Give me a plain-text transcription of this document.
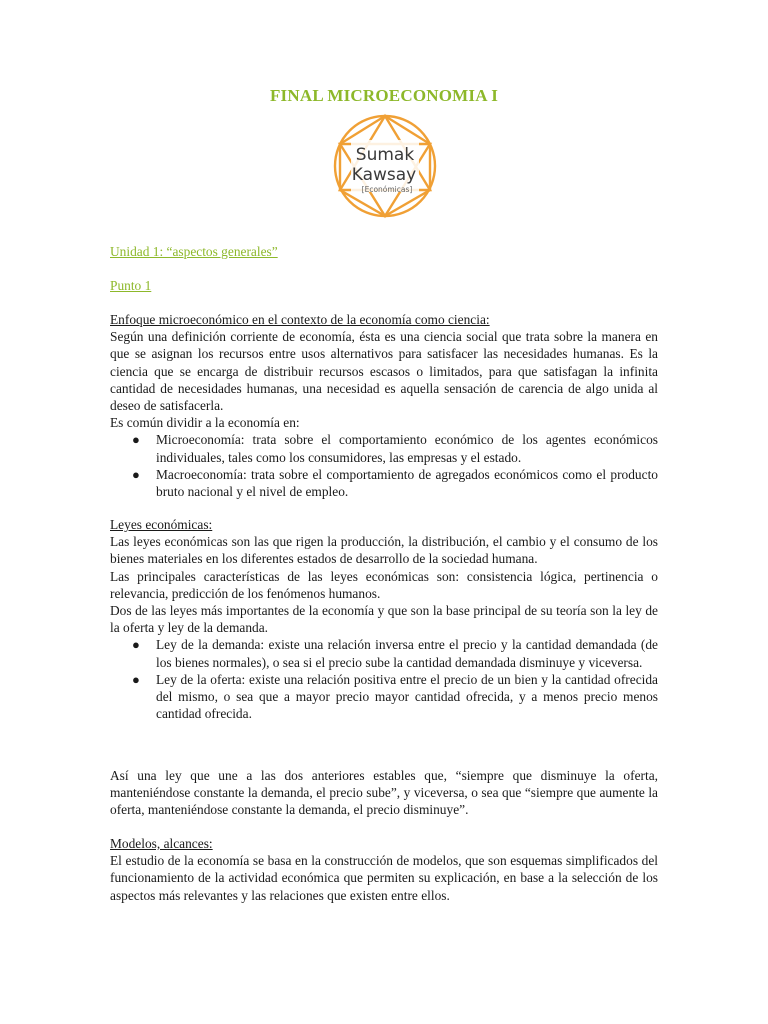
FINAL MICROECONOMIA I
Sumak
Kawsay
[Económicas]

Unidad 1: “aspectos generales”

Punto 1

Enfoque microeconómico en el contexto de la economía como ciencia:

Según una definición corriente de economía, ésta es una ciencia social que trata sobre la manera en que se asignan los recursos entre usos alternativos para satisfacer las necesidades humanas. Es la ciencia que se encarga de distribuir recursos escasos o limitados, para que satisfagan la infinita cantidad de necesidades humanas, una necesidad es aquella sensación de carencia de algo unida al deseo de satisfacerla.

Es común dividir a la economía en:

● Microeconomía: trata sobre el comportamiento económico de los agentes económicos individuales, tales como los consumidores, las empresas y el estado.
● Macroeconomía: trata sobre el comportamiento de agregados económicos como el producto bruto nacional y el nivel de empleo.

Leyes económicas:

Las leyes económicas son las que rigen la producción, la distribución, el cambio y el consumo de los bienes materiales en los diferentes estados de desarrollo de la sociedad humana.

Las principales características de las leyes económicas son: consistencia lógica, pertinencia o relevancia, predicción de los fenómenos humanos.

Dos de las leyes más importantes de la economía y que son la base principal de su teoría son la ley de la oferta y ley de la demanda.

● Ley de la demanda: existe una relación inversa entre el precio y la cantidad demandada (de los bienes normales), o sea si el precio sube la cantidad demandada disminuye y viceversa.
● Ley de la oferta: existe una relación positiva entre el precio de un bien y la cantidad ofrecida del mismo, o sea que a mayor precio mayor cantidad ofrecida, y a menos precio menos cantidad ofrecida.

Así una ley que une a las dos anteriores estables que, “siempre que disminuye la oferta, manteniéndose constante la demanda, el precio sube”, y viceversa, o sea que “siempre que aumente la oferta, manteniéndose constante la demanda, el precio disminuye”.

Modelos, alcances:

El estudio de la economía se basa en la construcción de modelos, que son esquemas simplificados del funcionamiento de la actividad económica que permiten su explicación, en base a la selección de los aspectos más relevantes y las relaciones que existen entre ellos.
